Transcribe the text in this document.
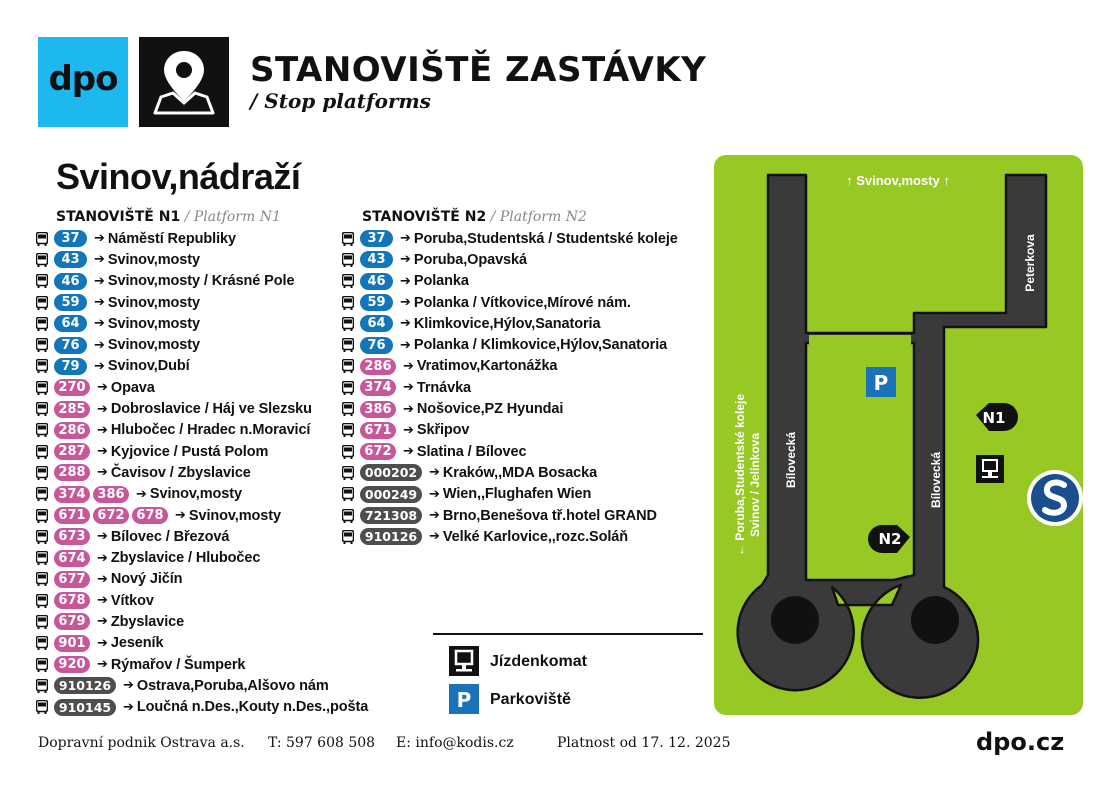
dpo	STANOVIŠTĚ ZASTÁVKY
/ Stop platforms
Svinov,nádraží
STANOVIŠTĚ N1 / Platform N1
37	➔ Náměstí Republiky
43	➔ Svinov,mosty
46	➔ Svinov,mosty / Krásné Pole
59	➔ Svinov,mosty
64	➔ Svinov,mosty
76	➔ Svinov,mosty
79	➔ Svinov,Dubí
270 ➔ Opava
285 ➔ Dobroslavice / Háj ve Slezsku
286 ➔ Hlubočec / Hradec n.Moravicí
287 ➔ Kyjovice / Pustá Polom
288 ➔ Čavisov / Zbyslavice
374 386 ➔ Svinov,mosty
671 672 678 ➔ Svinov,mosty
673 ➔ Bílovec / Březová
674 ➔ Zbyslavice / Hlubočec
677 ➔ Nový Jičín
678 ➔ Vítkov
679 ➔ Zbyslavice
901 ➔ Jeseník
920 ➔ Rýmařov / Šumperk
910126 ➔ Ostrava,Poruba,Alšovo nám
910145 ➔ Loučná n.Des.,Kouty n.Des.,pošta
STANOVIŠTĚ N2 / Platform N2
37	➔ Poruba,Studentská / Studentské koleje
43	➔ Poruba,Opavská
46	➔ Polanka
59	➔ Polanka / Vítkovice,Mírové nám.
64	➔ Klimkovice,Hýlov,Sanatoria
76	➔ Polanka / Klimkovice,Hýlov,Sanatoria
286 ➔ Vratimov,Kartonážka
374 ➔ Trnávka
386 ➔ Nošovice,PZ Hyundai
671 ➔ Skřipov
672 ➔ Slatina / Bílovec
000202 ➔ Kraków,,MDA Bosacka
000249 ➔ Wien,,Flughafen Wien
721308 ➔ Brno,Benešova tř.hotel GRAND
910126 ➔ Velké Karlovice,,rozc.Soláň
Jízdenkomat
P Parkoviště
P
↑ Svinov,mosty ↑
Peterkova
Bílovecká	Bílovecká
← Poruba,Studentské koleje Svinov / Jelínkova
N1
N2
Dopravní podnik Ostrava a.s. T: 597 608 508 E: info@kodis.cz	Platnost od 17. 12. 2025	dpo.cz
